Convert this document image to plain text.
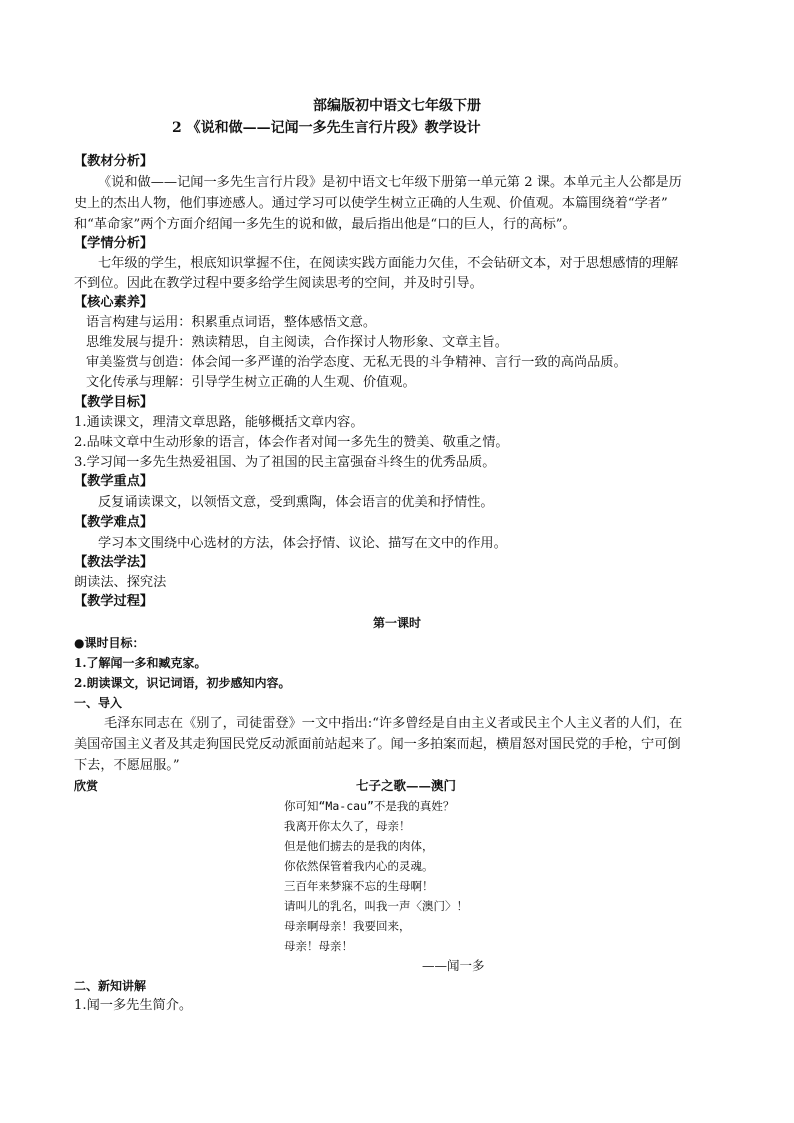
部编版初中语文七年级下册
2 《说和做——记闻一多先生言行片段》教学设计
【教材分析】
《说和做——记闻一多先生言行片段》是初中语文七年级下册第一单元第 2 课。本单元主人公都是历
史上的杰出人物，他们事迹感人。通过学习可以使学生树立正确的人生观、价值观。本篇围绕着“学者”
和“革命家”两个方面介绍闻一多先生的说和做，最后指出他是“口的巨人，行的高标”。
【学情分析】
七年级的学生，根底知识掌握不住，在阅读实践方面能力欠佳，不会钻研文本，对于思想感情的理解
不到位。因此在教学过程中要多给学生阅读思考的空间，并及时引导。
【核心素养】
语言构建与运用：积累重点词语，整体感悟文意。
思维发展与提升：熟读精思，自主阅读，合作探讨人物形象、文章主旨。
审美鉴赏与创造：体会闻一多严谨的治学态度、无私无畏的斗争精神、言行一致的高尚品质。
文化传承与理解：引导学生树立正确的人生观、价值观。
【教学目标】
1.通读课文，理清文章思路，能够概括文章内容。
2.品味文章中生动形象的语言，体会作者对闻一多先生的赞美、敬重之情。
3.学习闻一多先生热爱祖国、为了祖国的民主富强奋斗终生的优秀品质。
【教学重点】
反复诵读课文，以领悟文意，受到熏陶，体会语言的优美和抒情性。
【教学难点】
学习本文围绕中心选材的方法，体会抒情、议论、描写在文中的作用。
【教法学法】
朗读法、探究法
【教学过程】
第一课时
●课时目标：
1.了解闻一多和臧克家。
2.朗读课文，识记词语，初步感知内容。
一、导入
毛泽东同志在《别了，司徒雷登》一文中指出:“许多曾经是自由主义者或民主个人主义者的人们，在
美国帝国主义者及其走狗国民党反动派面前站起来了。闻一多拍案而起，横眉怒对国民党的手枪，宁可倒
下去，不愿屈服。”
欣赏	七子之歌——澳门
你可知“Ma-cau”不是我的真姓？
我离开你太久了，母亲！
但是他们掳去的是我的肉体，
你依然保管着我内心的灵魂。
三百年来梦寐不忘的生母啊！
请叫儿的乳名，叫我一声〈澳门〉！
母亲啊母亲！我要回来，
母亲！母亲！
——闻一多
二、新知讲解
1.闻一多先生简介。
